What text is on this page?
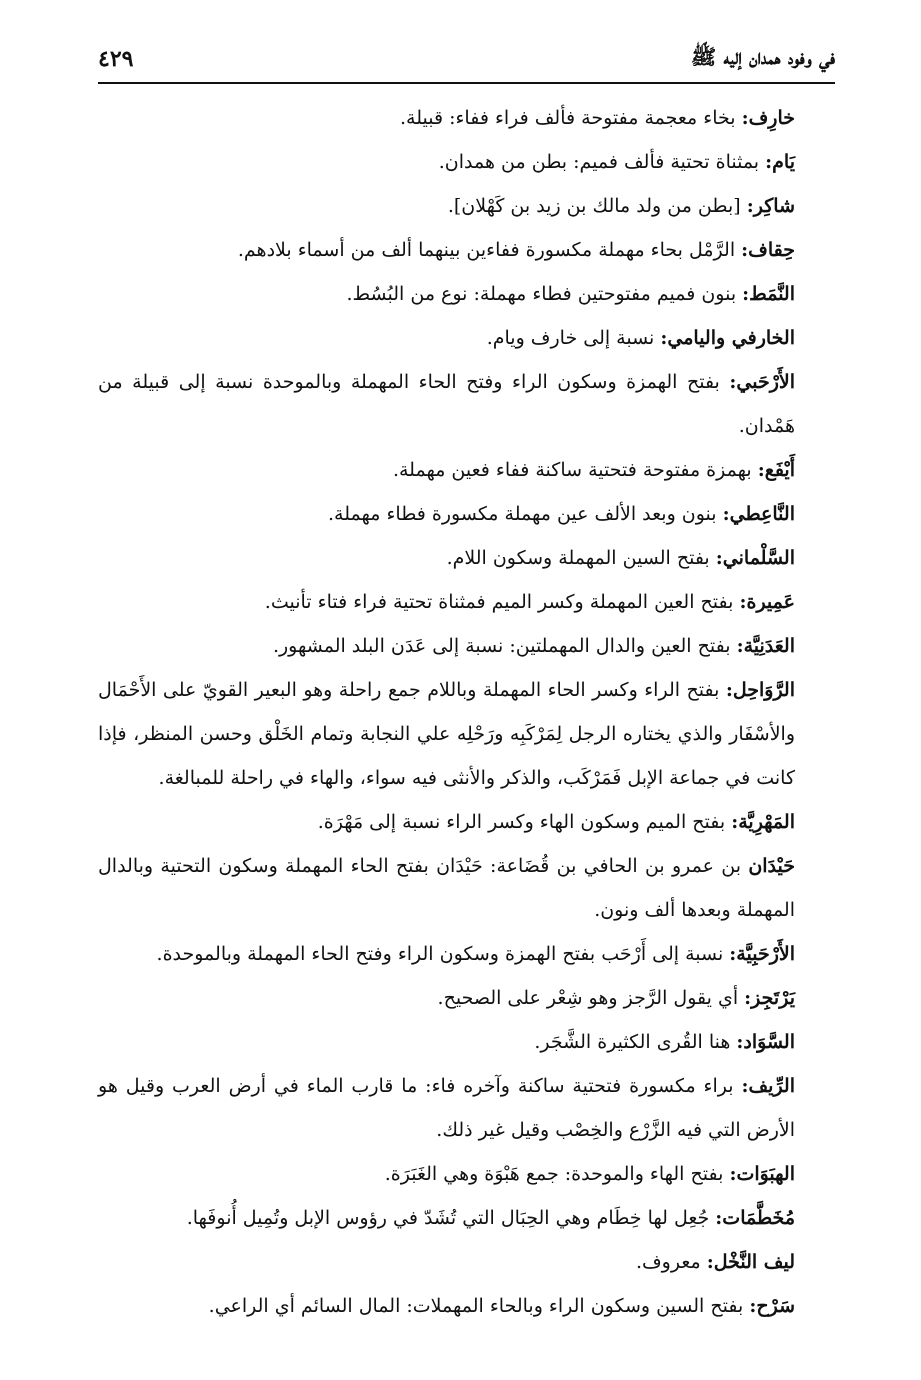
في وفود همدان إليه ﷺ
٤٢٩

خارِف: بخاء معجمة مفتوحة فألف فراء ففاء: قبيلة.

يَام: بمثناة تحتية فألف فميم: بطن من همدان.

شاكِر: [بطن من ولد مالك بن زيد بن كَهْلان].

حِقاف: الرَّمْل بحاء مهملة مكسورة ففاءين بينهما ألف من أسماء بلادهم.

النَّمَط: بنون فميم مفتوحتين فطاء مهملة: نوع من البُسُط.

الخارفي واليامي: نسبة إلى خارف ويام.

الأَرْحَبي: بفتح الهمزة وسكون الراء وفتح الحاء المهملة وبالموحدة نسبة إلى قبيلة من هَمْدان.

أَيْفَع: بهمزة مفتوحة فتحتية ساكنة ففاء فعين مهملة.

النَّاعِطي: بنون وبعد الألف عين مهملة مكسورة فطاء مهملة.

السَّلْماني: بفتح السين المهملة وسكون اللام.

عَمِيرة: بفتح العين المهملة وكسر الميم فمثناة تحتية فراء فتاء تأنيث.

العَدَنِيَّة: بفتح العين والدال المهملتين: نسبة إلى عَدَن البلد المشهور.

الرَّوَاحِل: بفتح الراء وكسر الحاء المهملة وباللام جمع راحلة وهو البعير القويّ على الأَحْمَال والأسْفَار والذي يختاره الرجل لِمَرْكَبِه ورَحْلِه علي النجابة وتمام الخَلْق وحسن المنظر، فإذا كانت في جماعة الإبل فَمَرْكَب، والذكر والأنثى فيه سواء، والهاء في راحلة للمبالغة.

المَهْرِيَّة: بفتح الميم وسكون الهاء وكسر الراء نسبة إلى مَهْرَة.

حَيْدَان بن عمرو بن الحافي بن قُضَاعة: حَيْدَان بفتح الحاء المهملة وسكون التحتية وبالدال المهملة وبعدها ألف ونون.

الأَرْحَبِيَّة: نسبة إلى أَرْحَب بفتح الهمزة وسكون الراء وفتح الحاء المهملة وبالموحدة.

يَرْتَجِز: أي يقول الرَّجز وهو شِعْر على الصحيح.

السَّوَاد: هنا القُرى الكثيرة الشَّجَر.

الرِّيف: براء مكسورة فتحتية ساكنة وآخره فاء: ما قارب الماء في أرض العرب وقيل هو الأرض التي فيه الزَّرْع والخِصْب وقيل غير ذلك.

الهبَوَات: بفتح الهاء والموحدة: جمع هَبْوَة وهي الغَبَرَة.

مُخَطَّمَات: جُعِل لها خِطَام وهي الحِبَال التي تُشَدّ في رؤوس الإبل وتُمِيل أُنوفَها.

ليف النَّخْل: معروف.

سَرْح: بفتح السين وسكون الراء وبالحاء المهملات: المال السائم أي الراعي.
